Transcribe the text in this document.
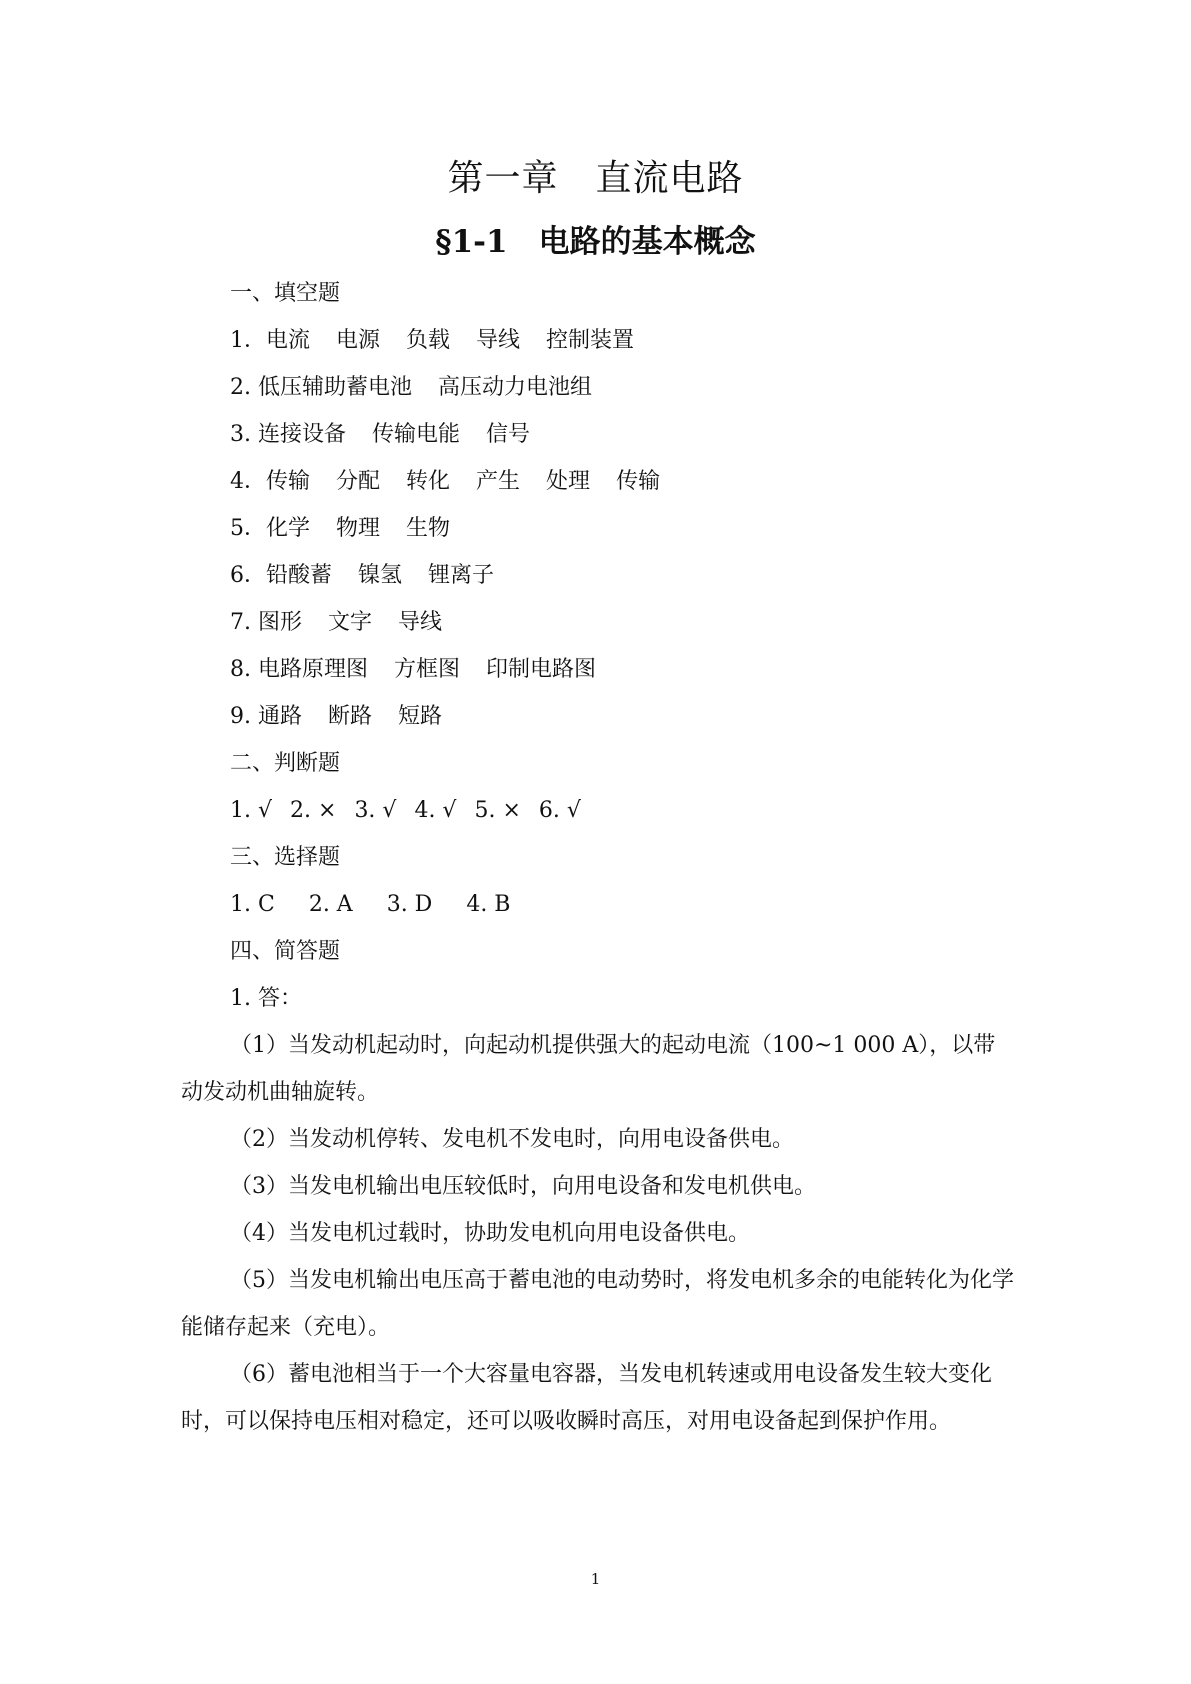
第一章　直流电路
§1-1　电路的基本概念
一、填空题
1．电流 电源 负载 导线 控制装置
2. 低压辅助蓄电池 高压动力电池组
3. 连接设备 传输电能 信号
4．传输 分配 转化 产生 处理 传输
5．化学 物理 生物
6．铅酸蓄 镍氢 锂离子
7. 图形 文字 导线
8. 电路原理图 方框图 印制电路图
9. 通路 断路 短路
二、判断题
1. √ 2. × 3. √ 4. √ 5. × 6. √
三、选择题
1. C 2. A 3. D 4. B
四、简答题
1. 答：

（1）当发动机起动时，向起动机提供强大的起动电流（100~1 000 A），以带动发动机曲轴旋转。

（2）当发动机停转、发电机不发电时，向用电设备供电。

（3）当发电机输出电压较低时，向用电设备和发电机供电。

（4）当发电机过载时，协助发电机向用电设备供电。

（5）当发电机输出电压高于蓄电池的电动势时，将发电机多余的电能转化为化学能储存起来（充电）。

（6）蓄电池相当于一个大容量电容器，当发电机转速或用电设备发生较大变化时，可以保持电压相对稳定，还可以吸收瞬时高压，对用电设备起到保护作用。

1
